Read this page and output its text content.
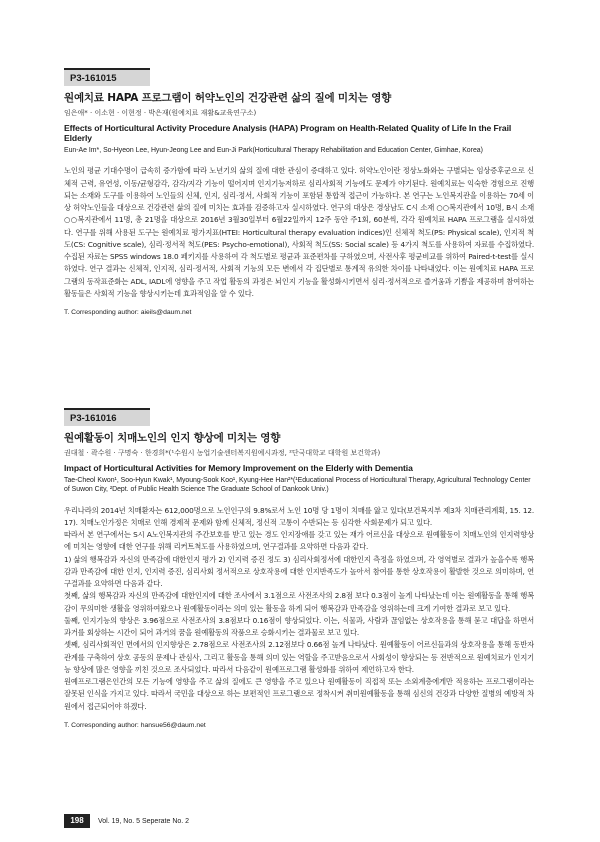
P3-161015
원예치료 HAPA 프로그램이 허약노인의 건강관련 삶의 질에 미치는 영향
임은애* · 이소현 · 이현정 · 박은재(원예치료 재활&교육연구소)
Effects of Horticultural Activity Procedure Analysis (HAPA) Program on Health-Related Quality of Life In the Frail Elderly
Eun-Ae Im*, So-Hyeon Lee, Hyun-Jeong Lee and Eun-Ji Park(Horticultural Therapy Rehabilitation and Education Center, Gimhae, Korea)

노인의 평균 기대수명이 급속히 증가함에 따라 노년기의 삶의 질에 대한 관심이 증대하고 있다. 허약노인이란 정상노화와는 구별되는 임상증후군으로 신체적 근력, 유연성, 이동/균형감각, 감각/지각 기능이 떨어지며 인지기능저하로 심리사회적 기능에도 문제가 야기된다. 원예치료는 익숙한 경험으로 진행되는 소재와 도구를 이용하여 노인들의 신체, 인지, 심리·정서, 사회적 기능이 포함된 통합적 접근이 가능하다. 본 연구는 노인복지관을 이용하는 70세 이상 허약노인들을 대상으로 건강관련 삶의 질에 미치는 효과를 검증하고자 실시하였다. 연구의 대상은 경상남도 C시 소재 ○○복지관에서 10명, B시 소재 ○○복지관에서 11명, 총 21명을 대상으로 2016년 3월30일부터 6월22일까지 12주 동안 주1회, 60분씩, 각각 원예치료 HAPA 프로그램을 실시하였다. 연구를 위해 사용된 도구는 원예치료 평가지표(HTEI: Horticultural therapy evaluation indices)인 신체적 척도(PS: Physical scale), 인지적 척도(CS: Cognitive scale), 심리·정서적 척도(PES: Psycho-emotional), 사회적 척도(SS: Social scale) 등 4가지 척도를 사용하여 자료를 수집하였다. 수집된 자료는 SPSS windows 18.0 페키지를 사용하여 각 척도별로 평균과 표준편차를 구하였으며, 사전사후 평균비교를 위하여 Paired-t-test를 실시하였다. 연구 결과는 신체적, 인지적, 심리·정서적, 사회적 기능의 모든 변에서 각 집단별로 통계적 유의한 차이를 나타내었다. 이는 원예치료 HAPA 프로그램의 동작표준화는 ADL, IADL에 영향을 주고 작업 활동의 과정은 뇌인지 기능을 활성화시키면서 심리·정서적으로 즐거움과 기쁨을 제공하며 참여하는 활동들은 사회적 기능을 향상시키는데 효과적임을 알 수 있다.

T. Corresponding author: aieils@daum.net
P3-161016
원예활동이 치매노인의 인지 향상에 미치는 영향
권대철 · 곽수원 · 구명숙 · 한경희*(¹수원시 농업기술센터복지원예시과정, ²단국대학교 대학원 보건학과)
Impact of Horticultural Activities for Memory Improvement on the Elderly with Dementia
Tae-Cheol Kwon¹, Soo-Hyun Kwak¹, Myoung-Sook Koo¹, Kyung-Hee Han²*(¹Educational Process of Horticultural Therapy, Agricultural Technology Center of Suwon City, ²Dept. of Public Health Science The Graduate School of Dankook Univ.)

우리나라의 2014년 치매환자는 612,000명으로 노인인구의 9.8%로서 노인 10명 당 1명이 치매를 앓고 있다(보건복지부 제3차 치매관리계획, 15. 12. 17). 치매노인가정은 치매로 인해 경제적 문제와 함께 신체적, 정신적 고통이 수반되는 등 심각한 사회문제가 되고 있다.

따라서 본 연구에서는 S시 A노인복지관의 주간보호를 받고 있는 경도 인지장애를 갖고 있는 재가 어르신을 대상으로 원예활동이 치매노인의 인지력향상에 미치는 영향에 대한 연구를 위해 리커트척도를 사용하였으며, 연구결과를 요약하면 다음과 같다.

1) 삶의 행복감과 자신의 만족감에 대한인지 평가 2) 인지력 증진 정도 3) 심리사회정서에 대한인지 측정을 하였으며, 각 영역별로 결과가 높을수록 행복감과 만족감에 대한 인지, 인지력 증진, 심리사회 정서적으로 상호작용에 대한 인지반족도가 높아서 참여를 통한 상호작용이 활발한 것으로 의미하며, 연구결과를 요약하면 다음과 같다.

첫째, 삶의 행복감과 자신의 만족감에 대한인지에 대한 조사에서 3.1점으로 사전조사의 2.8점 보다 0.3점이 높게 나타났는데 이는 원예활동을 통해 행복감이 무의미한 생활을 영위하여왔으나 원예활동이라는 의미 있는 활동을 하게 되어 행복감과 만족감을 영위하는데 크게 기여한 결과로 보고 있다.

둘째, 인지기능의 향상은 3.96점으로 사전조사의 3.8점보다 0.16점이 향상되었다. 이는, 식물과, 사람과 끊임없는 상호작용을 통해 묻고 대답을 하면서 과거를 회상하는 시간이 되어 과거의 꿈을 원예활동의 작품으로 승화시키는 결과물로 보고 있다.

셋째, 심리사회적인 면에서의 인지향상은 2.78점으로 사전조사의 2.12점보다 0.66점 높게 나타났다. 원예활동이 어르신들과의 상호작용을 통해 동반자 관계를 구축하여 상호 공동의 문제나 관심사, 그리고 활동을 통해 의미 있는 역할을 주고받음으로서 사회성이 향상되는 등 전반적으로 원예치료가 인지기능 향상에 많은 영향을 끼친 것으로 조사되었다. 따라서 다음같이 원예프로그램 활성화를 위하여 제언하고자 한다.

원예프로그램은인간의 모든 기능에 영향을 주고 삶의 질에도 큰 영향을 주고 있으나 원예활동이 직접적 또는 소외계층에게만 적용하는 프로그램이라는 잘못된 인식을 가지고 있다. 따라서 국민을 대상으로 하는 보편적인 프로그램으로 정착시켜 취미원예활동을 통해 심신의 건강과 다양한 질병의 예방적 차원에서 접근되어야 하겠다.

T. Corresponding author: hansue56@daum.net
198	Vol. 19, No. 5 Seperate No. 2
